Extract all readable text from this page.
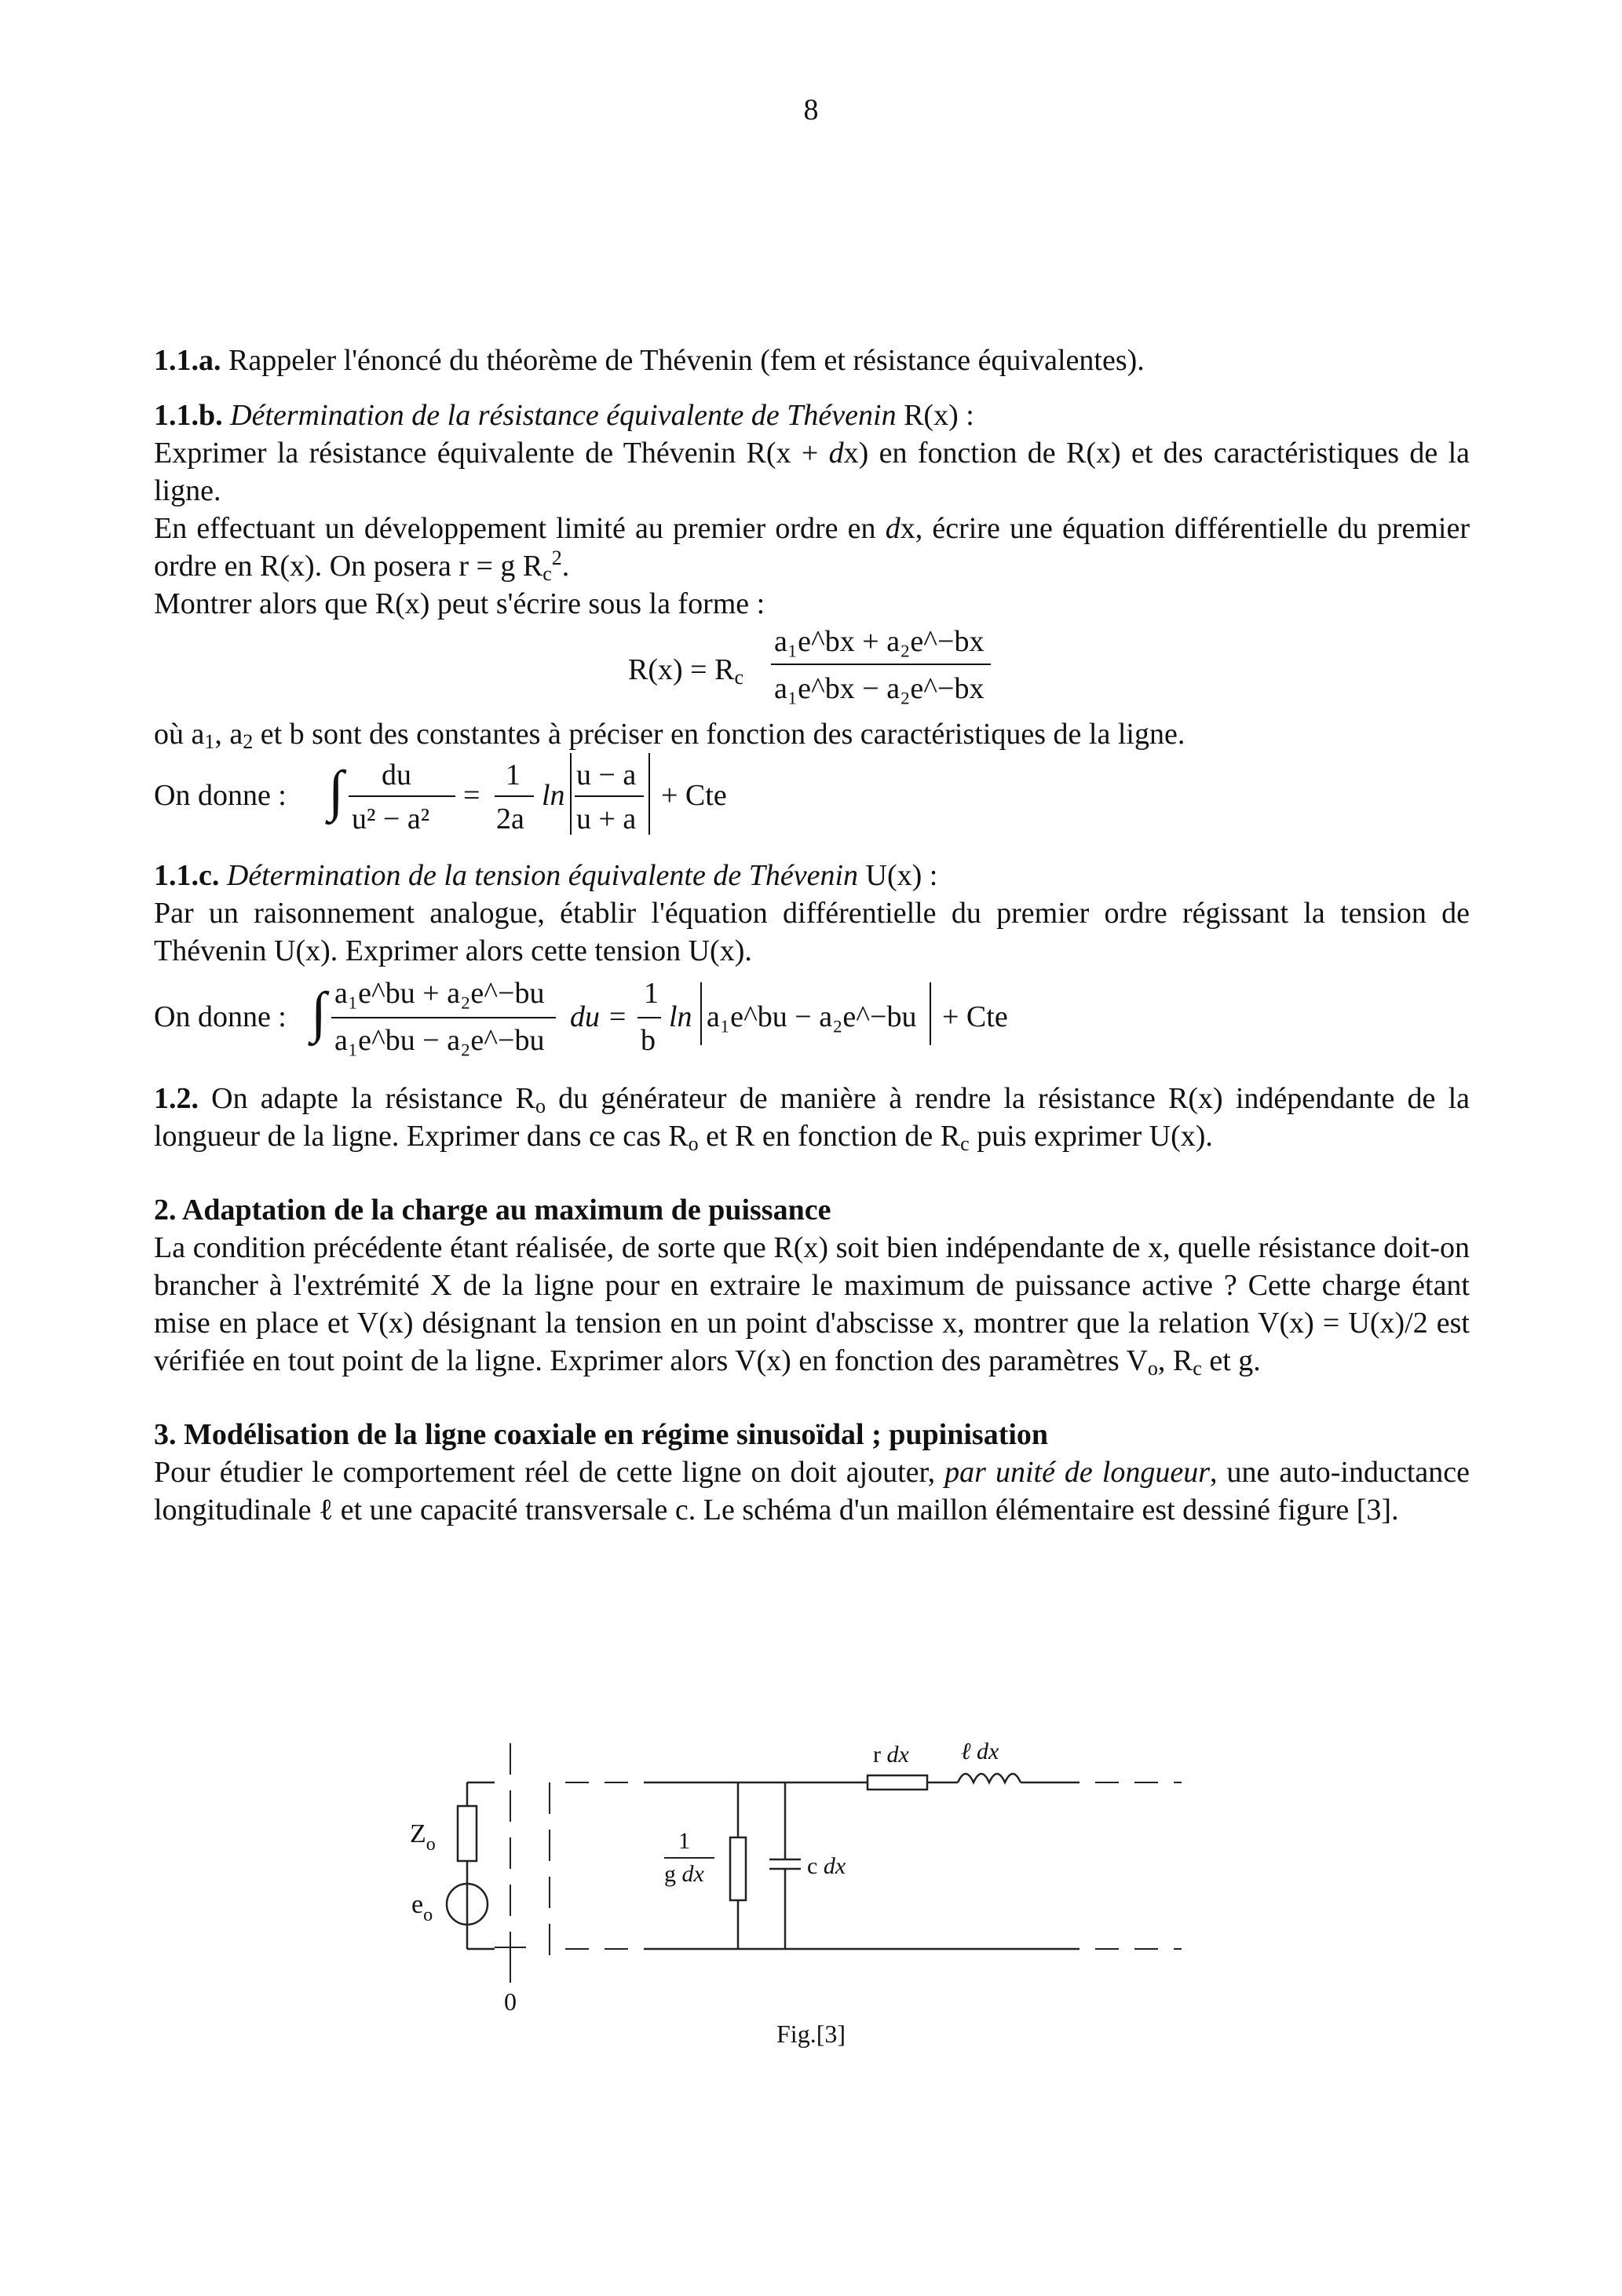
8

1.1.a. Rappeler l'énoncé du théorème de Thévenin (fem et résistance équivalentes).

1.1.b. Détermination de la résistance équivalente de Thévenin R(x) :

Exprimer la résistance équivalente de Thévenin R(x + dx) en fonction de R(x) et des caractéristiques de la ligne.

En effectuant un développement limité au premier ordre en dx, écrire une équation différentielle du premier ordre en R(x). On posera r = g $R_c^2$.

Montrer alors que R(x) peut s'écrire sous la forme :

$R(x) = R_c$
a₁e^bx + a₂e^−bx
a₁e^bx − a₂e^−bx

où $a_1$, $a_2$ et b sont des constantes à préciser en fonction des caractéristiques de la ligne.

On donne : ∫ du
u² − a²
=
1
2a
ln
u − a
u + a
+ Cte

1.1.c. Détermination de la tension équivalente de Thévenin U(x) :

Par un raisonnement analogue, établir l'équation différentielle du premier ordre régissant la tension de Thévenin U(x). Exprimer alors cette tension U(x).

On donne : ∫ a₁e^bu + a₂e^−bu
a₁e^bu − a₂e^−bu
du =
1
b
ln a₁e^bu − a₂e^−bu + Cte

1.2. On adapte la résistance $R_o$ du générateur de manière à rendre la résistance R(x) indépendante de la longueur de la ligne. Exprimer dans ce cas $R_o$ et R en fonction de $R_c$ puis exprimer U(x).

2. Adaptation de la charge au maximum de puissance

La condition précédente étant réalisée, de sorte que R(x) soit bien indépendante de x, quelle résistance doit-on brancher à l'extrémité X de la ligne pour en extraire le maximum de puissance active ? Cette charge étant mise en place et V(x) désignant la tension en un point d'abscisse x, montrer que la relation V(x) = U(x)/2 est vérifiée en tout point de la ligne. Exprimer alors V(x) en fonction des paramètres $V_o$, $R_c$ et g.

3. Modélisation de la ligne coaxiale en régime sinusoïdal ; pupinisation

Pour étudier le comportement réel de cette ligne on doit ajouter, par unité de longueur, une auto-inductance longitudinale ℓ et une capacité transversale c. Le schéma d'un maillon élémentaire est dessiné figure [3].

$Z_o$
$e_o$
0
1
g dx	c dx
r dx ℓ dx
Fig.[3]
